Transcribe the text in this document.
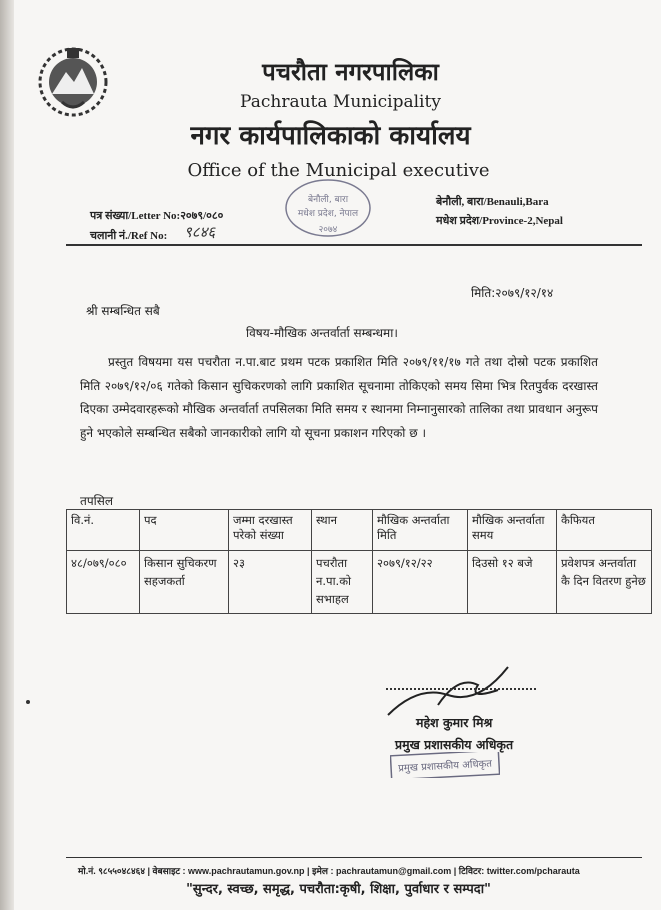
पचरौता नगरपालिका
Pachrauta Municipality
नगर कार्यपालिकाको कार्यालय
Office of the Municipal executive
बेनौली, बारा
मधेश प्रदेश, नेपाल
२०७४
बेनौली, बारा/Benauli,Bara
मधेश प्रदेश/Province-2,Nepal
पत्र संख्या/Letter No:२०७९/०८०
चलानी नं./Ref No: ९८४६
मिति:२०७९/१२/१४
श्री सम्बन्धित सबै
विषय-मौखिक अन्तर्वार्ता सम्बन्धमा।
प्रस्तुत विषयमा यस पचरौता न.पा.बाट प्रथम पटक प्रकाशित मिति २०७९/११/१७ गते तथा दोस्रो पटक प्रकाशित मिति २०७९/१२/०६ गतेको किसान सुचिकरणको लागि प्रकाशित सूचनामा तोकिएको समय सिमा भित्र रितपुर्वक दरखास्त दिएका उम्मेदवारहरूको मौखिक अन्तर्वार्ता तपसिलका मिति समय र स्थानमा निम्नानुसारको तालिका तथा प्रावधान अनुरूप हुने भएकोले सम्बन्धित सबैको जानकारीको लागि यो सूचना प्रकाशन गरिएको छ ।
तपसिल
वि.नं.	पद	जम्मा दरखास्त परेको संख्या	स्थान	मौखिक अन्तर्वाता मिति	मौखिक अन्तर्वाता समय	कैफियत
४८/०७९/०८०	किसान सुचिकरण सहजकर्ता	२३	पचरौता न.पा.को सभाहल	२०७९/१२/२२	दिउसो १२ बजे	प्रवेशपत्र अन्तर्वाता कै दिन वितरण हुनेछ
महेश कुमार मिश्र
प्रमुख प्रशासकीय अधिकृत
प्रमुख प्रशासकीय अधिकृत
मो.नं. ९८५५०४८४६४ | वेबसाइट : www.pachrautamun.gov.np | इमेल : pachrautamun@gmail.com | टिविटर: twitter.com/pcharauta
"सुन्दर, स्वच्छ, समृद्ध, पचरौता:कृषी, शिक्षा, पुर्वाधार र सम्पदा"
